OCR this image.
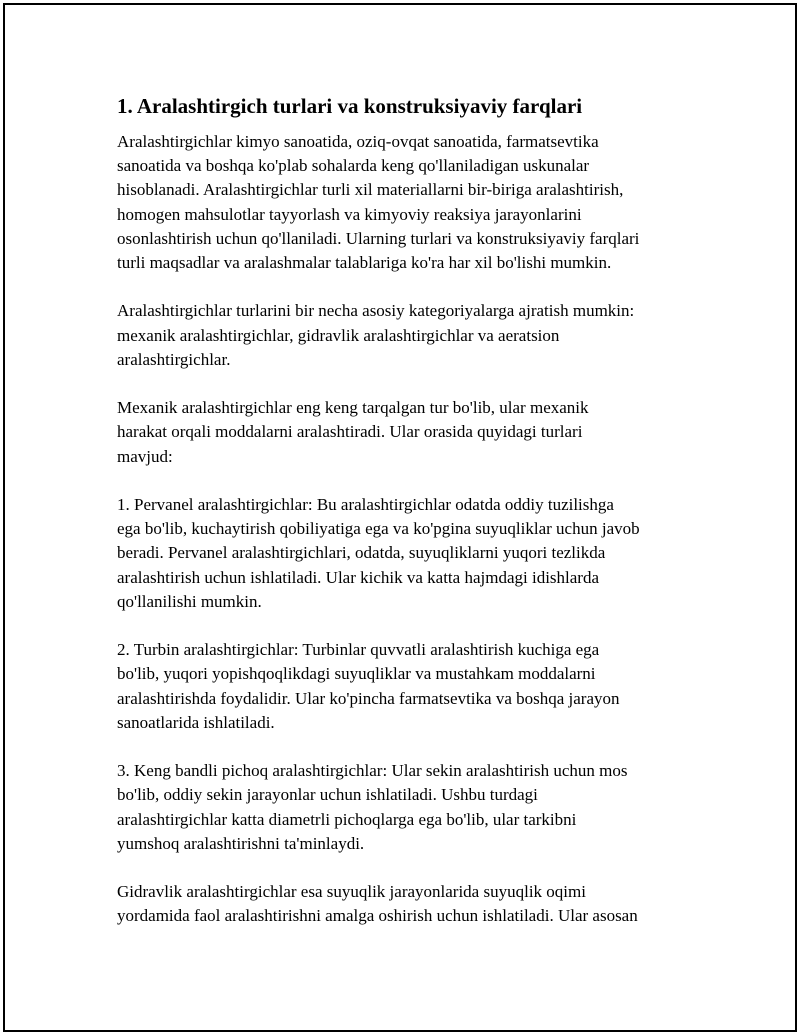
1. Aralashtirgich turlari va konstruksiyaviy farqlari
Aralashtirgichlar kimyo sanoatida, oziq-ovqat sanoatida, farmatsevtika
sanoatida va boshqa ko'plab sohalarda keng qo'llaniladigan uskunalar
hisoblanadi. Aralashtirgichlar turli xil materiallarni bir-biriga aralashtirish,
homogen mahsulotlar tayyorlash va kimyoviy reaksiya jarayonlarini
osonlashtirish uchun qo'llaniladi. Ularning turlari va konstruksiyaviy farqlari
turli maqsadlar va aralashmalar talablariga ko'ra har xil bo'lishi mumkin.
Aralashtirgichlar turlarini bir necha asosiy kategoriyalarga ajratish mumkin:
mexanik aralashtirgichlar, gidravlik aralashtirgichlar va aeratsion
aralashtirgichlar.
Mexanik aralashtirgichlar eng keng tarqalgan tur bo'lib, ular mexanik
harakat orqali moddalarni aralashtiradi. Ular orasida quyidagi turlari
mavjud:
1. Pervanel aralashtirgichlar: Bu aralashtirgichlar odatda oddiy tuzilishga
ega bo'lib, kuchaytirish qobiliyatiga ega va ko'pgina suyuqliklar uchun javob
beradi. Pervanel aralashtirgichlari, odatda, suyuqliklarni yuqori tezlikda
aralashtirish uchun ishlatiladi. Ular kichik va katta hajmdagi idishlarda
qo'llanilishi mumkin.
2. Turbin aralashtirgichlar: Turbinlar quvvatli aralashtirish kuchiga ega
bo'lib, yuqori yopishqoqlikdagi suyuqliklar va mustahkam moddalarni
aralashtirishda foydalidir. Ular ko'pincha farmatsevtika va boshqa jarayon
sanoatlarida ishlatiladi.
3. Keng bandli pichoq aralashtirgichlar: Ular sekin aralashtirish uchun mos
bo'lib, oddiy sekin jarayonlar uchun ishlatiladi. Ushbu turdagi
aralashtirgichlar katta diametrli pichoqlarga ega bo'lib, ular tarkibni
yumshoq aralashtirishni ta'minlaydi.
Gidravlik aralashtirgichlar esa suyuqlik jarayonlarida suyuqlik oqimi
yordamida faol aralashtirishni amalga oshirish uchun ishlatiladi. Ular asosan
